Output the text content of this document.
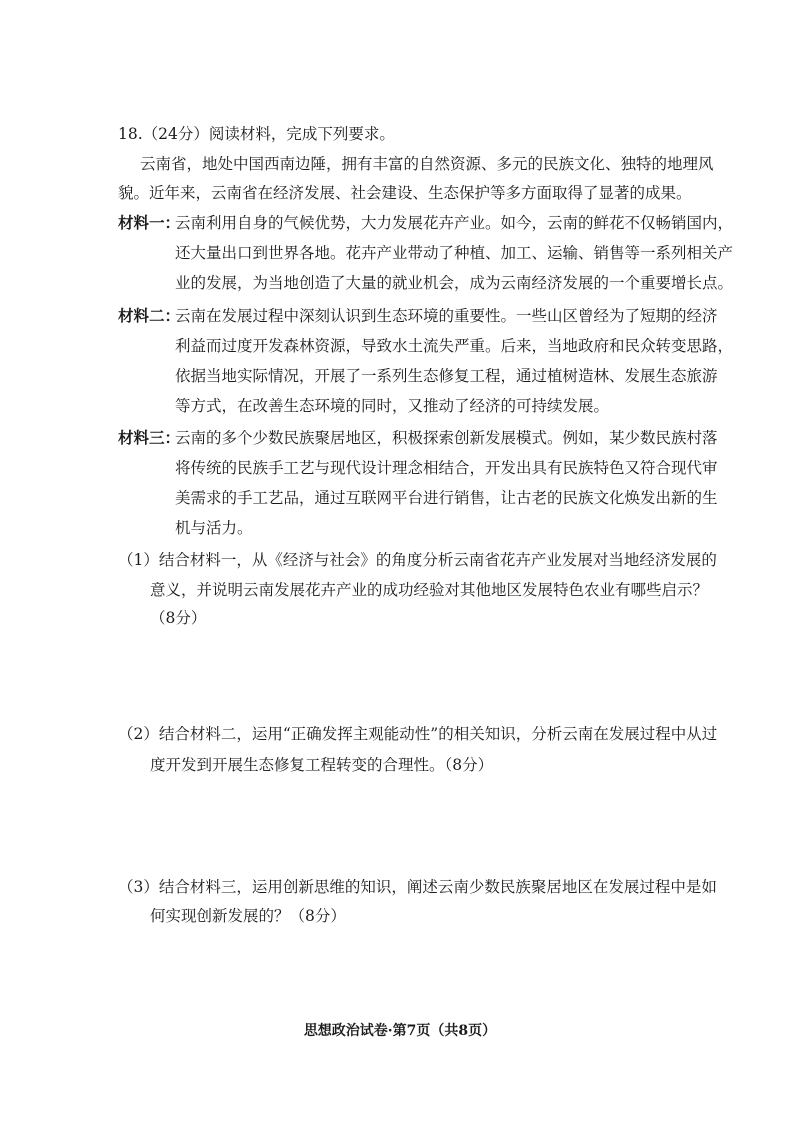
18.（24分）阅读材料，完成下列要求。
云南省，地处中国西南边陲，拥有丰富的自然资源、多元的民族文化、独特的地理风
貌。近年来，云南省在经济发展、社会建设、生态保护等多方面取得了显著的成果。
材料一：
云南利用自身的气候优势，大力发展花卉产业。如今，云南的鲜花不仅畅销国内，
还大量出口到世界各地。花卉产业带动了种植、加工、运输、销售等一系列相关产
业的发展，为当地创造了大量的就业机会，成为云南经济发展的一个重要增长点。
材料二：
云南在发展过程中深刻认识到生态环境的重要性。一些山区曾经为了短期的经济
利益而过度开发森林资源，导致水土流失严重。后来，当地政府和民众转变思路，
依据当地实际情况，开展了一系列生态修复工程，通过植树造林、发展生态旅游
等方式，在改善生态环境的同时，又推动了经济的可持续发展。
材料三：
云南的多个少数民族聚居地区，积极探索创新发展模式。例如，某少数民族村落
将传统的民族手工艺与现代设计理念相结合，开发出具有民族特色又符合现代审
美需求的手工艺品，通过互联网平台进行销售，让古老的民族文化焕发出新的生
机与活力。
（1）结合材料一，从《经济与社会》的角度分析云南省花卉产业发展对当地经济发展的
意义，并说明云南发展花卉产业的成功经验对其他地区发展特色农业有哪些启示？
（8分）
（2）结合材料二，运用“正确发挥主观能动性”的相关知识，分析云南在发展过程中从过
度开发到开展生态修复工程转变的合理性。（8分）
（3）结合材料三，运用创新思维的知识，阐述云南少数民族聚居地区在发展过程中是如
何实现创新发展的？（8分）
思想政治试卷·第7页（共8页）
